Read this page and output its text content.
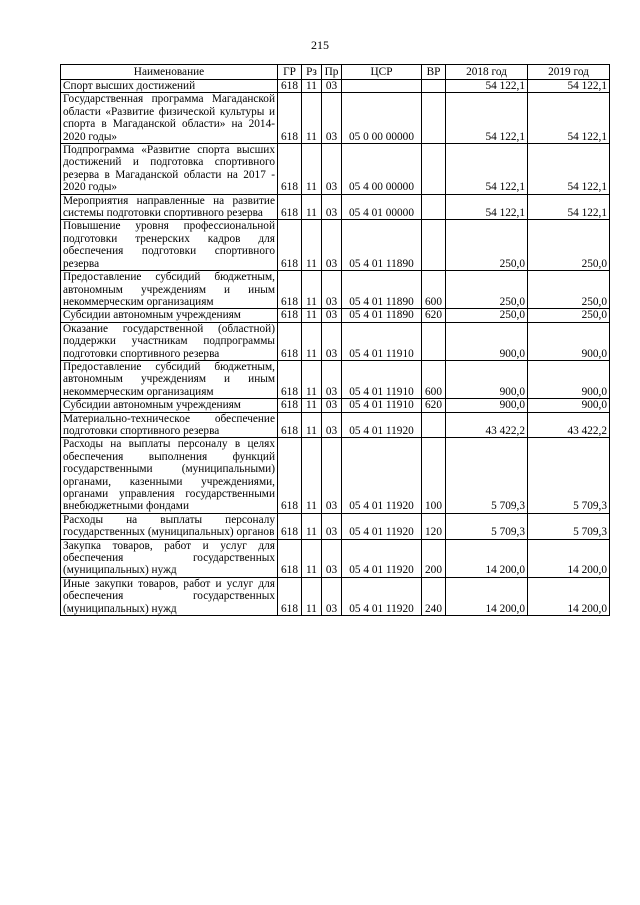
215
Наименование	ГР	Рз	Пр	ЦСР	ВР	2018 год	2019 год
Спорт высших достижений	618	11	03			54 122,1	54 122,1
Государственная программа Магаданской области «Развитие физической культуры и спорта в Магаданской области» на 2014-2020 годы»	618	11	03	05 0 00 00000		54 122,1	54 122,1
Подпрограмма «Развитие спорта высших достижений и подготовка спортивного резерва в Магаданской области на 2017 - 2020 годы»	618	11	03	05 4 00 00000		54 122,1	54 122,1
Мероприятия направленные на развитие системы подготовки спортивного резерва	618	11	03	05 4 01 00000		54 122,1	54 122,1
Повышение уровня профессиональной подготовки тренерских кадров для обеспечения подготовки спортивного резерва	618	11	03	05 4 01 11890		250,0	250,0
Предоставление субсидий бюджетным, автономным учреждениям и иным некоммерческим организациям	618	11	03	05 4 01 11890	600	250,0	250,0
Субсидии автономным учреждениям	618	11	03	05 4 01 11890	620	250,0	250,0
Оказание государственной (областной) поддержки участникам подпрограммы подготовки спортивного резерва	618	11	03	05 4 01 11910		900,0	900,0
Предоставление субсидий бюджетным, автономным учреждениям и иным некоммерческим организациям	618	11	03	05 4 01 11910	600	900,0	900,0
Субсидии автономным учреждениям	618	11	03	05 4 01 11910	620	900,0	900,0
Материально-техническое обеспечение подготовки спортивного резерва	618	11	03	05 4 01 11920		43 422,2	43 422,2
Расходы на выплаты персоналу в целях обеспечения выполнения функций государственными (муниципальными) органами, казенными учреждениями, органами управления государственными внебюджетными фондами	618	11	03	05 4 01 11920	100	5 709,3	5 709,3
Расходы на выплаты персоналу государственных (муниципальных) органов	618	11	03	05 4 01 11920	120	5 709,3	5 709,3
Закупка товаров, работ и услуг для обеспечения государственных (муниципальных) нужд	618	11	03	05 4 01 11920	200	14 200,0	14 200,0
Иные закупки товаров, работ и услуг для обеспечения государственных (муниципальных) нужд	618	11	03	05 4 01 11920	240	14 200,0	14 200,0
